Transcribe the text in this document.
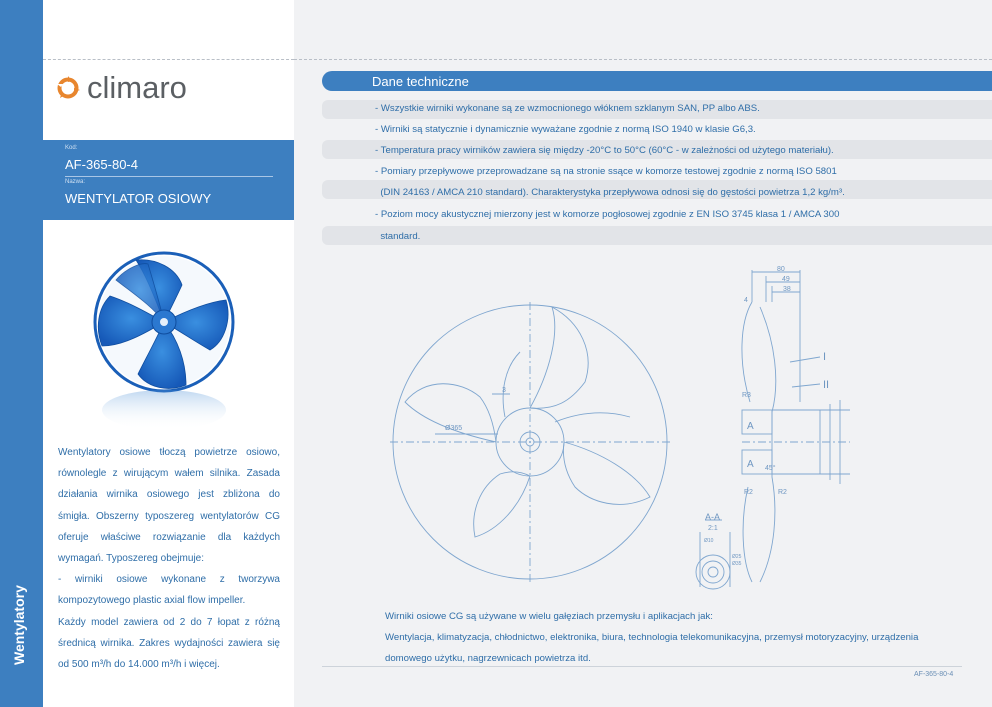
Wentylatory
climaro
Kod:
AF-365-80-4
Nazwa:
WENTYLATOR OSIOWY

Wentylatory osiowe tłoczą powietrze osiowo, równolegle z wirującym wałem silnika. Zasada działania wirnika osiowego jest zbliżona do śmigła. Obszerny typoszereg wentylatorów CG oferuje właściwe rozwiązanie dla każdych wymagań. Typoszereg obejmuje:

- wirniki osiowe wykonane z tworzywa kompozytowego plastic axial flow impeller.

Każdy model zawiera od 2 do 7 łopat z różną średnicą wirnika. Zakres wydajności zawiera się od 500 m³/h do 14.000 m³/h i więcej.

Dane techniczne
- Wszystkie wirniki wykonane są ze wzmocnionego włóknem szklanym SAN, PP albo ABS.
- Wirniki są statycznie i dynamicznie wyważane zgodnie z normą ISO 1940 w klasie G6,3.
- Temperatura pracy wirników zawiera się między -20°C to 50°C (60°C - w zależności od użytego materiału).
- Pomiary przepływowe przeprowadzane są na stronie ssące w komorze testowej zgodnie z normą ISO 5801
(DIN 24163 / AMCA 210 standard). Charakterystyka przepływowa odnosi się do gęstości powietrza 1,2 kg/m³.
- Poziom mocy akustycznej mierzony jest w komorze pogłosowej zgodnie z EN ISO 3745 klasa 1 / AMCA 300
standard.
80
49
38
4
3
Ø365
R3
I
II
A
A 45°
R2	R2
A-A
2:1
Ø10
Ø25
Ø35
Wirniki osiowe CG są używane w wielu gałęziach przemysłu i aplikacjach jak:
Wentylacja, klimatyzacja, chłodnictwo, elektronika, biura, technologia telekomunikacyjna, przemysł motoryzacyjny, urządzenia
domowego użytku, nagrzewnicach powietrza itd.
AF-365-80-4
